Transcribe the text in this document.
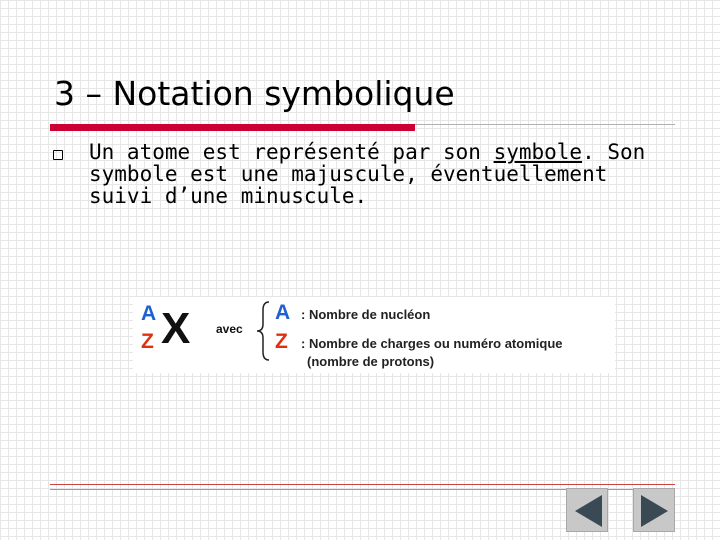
3 – Notation symbolique
Un atome est représenté par son symbole. Son symbole est une majuscule, éventuellement suivi d’une minuscule.
A
Z X avec
A : Nombre de nucléon
Z : Nombre de charges ou numéro atomique
(nombre de protons)
